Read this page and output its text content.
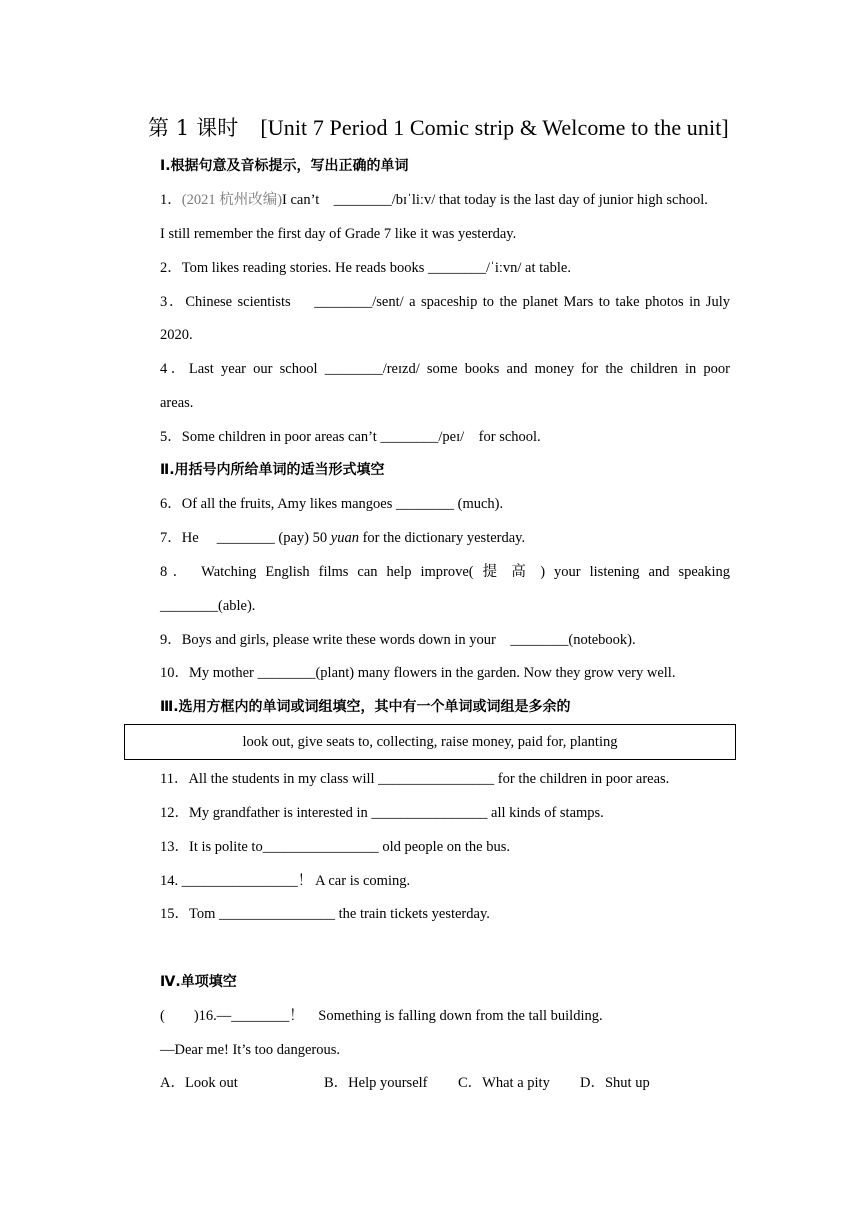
第 1 课时 [Unit 7 Period 1 Comic strip & Welcome to the unit]
Ⅰ.根据句意及音标提示，写出正确的单词
1．(2021 杭州改编)I can’t　________/bɪˈliːv/ that today is the last day of junior high school.
I still remember the first day of Grade 7 like it was yesterday.
2．Tom likes reading stories. He reads books ________/ˈiːvn/ at table.
3．Chinese scientists　 ________/sent/ a spaceship to the planet Mars to take photos in July
2020.
4．Last year our school ________/reɪzd/ some books and money for the children in poor
areas.
5．Some children in poor areas can’t ________/peɪ/　for school.
Ⅱ.用括号内所给单词的适当形式填空
6．Of all the fruits, Amy likes mangoes ________ (much).
7．He　 ________ (pay) 50 yuan for the dictionary yesterday.
8． Watching English films can help improve( 提 高 ) your listening and speaking
________(able).
9．Boys and girls, please write these words down in your　________(notebook).
10．My mother ________(plant) many flowers in the garden. Now they grow very well.
Ⅲ.选用方框内的单词或词组填空，其中有一个单词或词组是多余的
look out, give seats to, collecting, raise money, paid for, planting
11．All the students in my class will ________________ for the children in poor areas.
12．My grandfather is interested in ________________ all kinds of stamps.
13．It is polite to________________ old people on the bus.
14. ________________！ A car is coming.
15．Tom ________________ the train tickets yesterday.
Ⅳ.单项填空
(　　)16.—________！　Something is falling down from the tall building.
—Dear me! It’s too dangerous.
A．Look out	B．Help yourself C．What a pity D．Shut up
